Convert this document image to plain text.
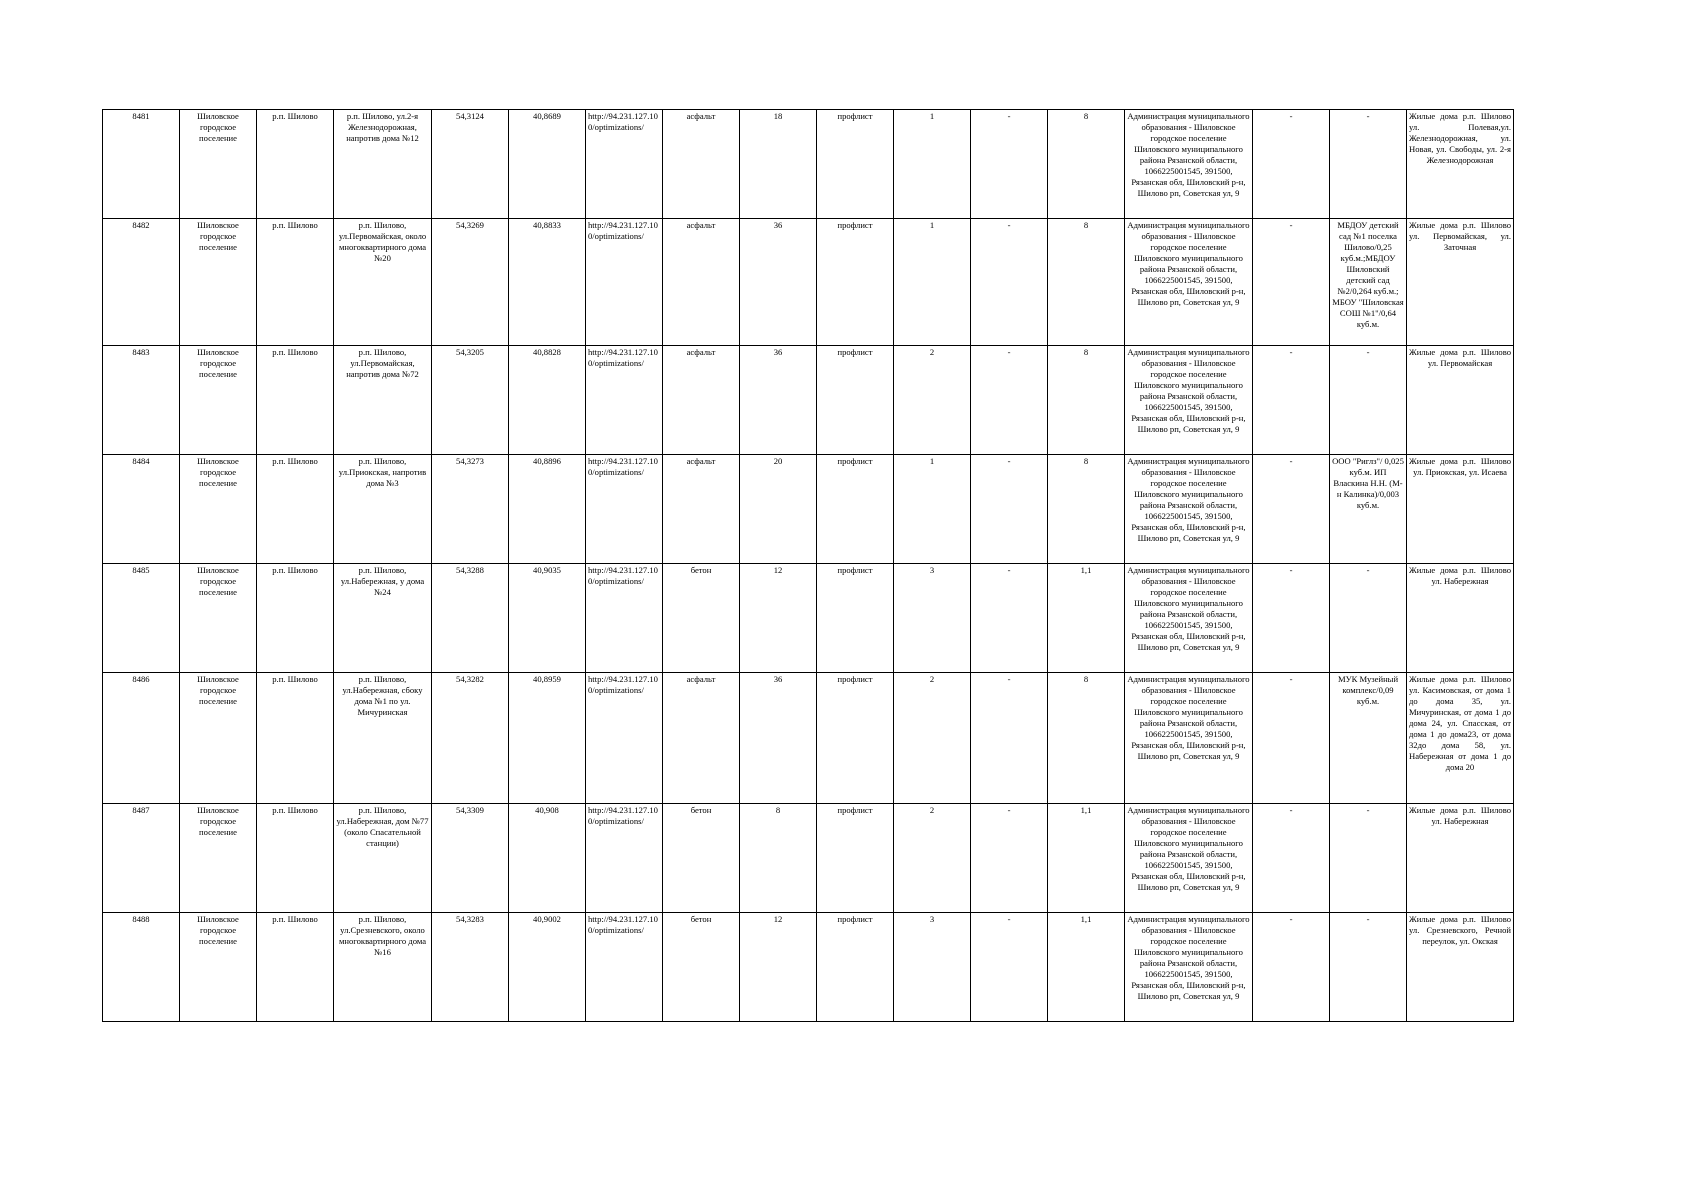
8481	Шиловское городское поселение	р.п. Шилово	р.п. Шилово, ул.2-я Железнодорожная, напротив дома №12	54,3124	40,8689	http://94.231.127.100/optimizations/	асфальт	18	профлист	1	-	8	Администрация муниципального образования - Шиловское городское поселение Шиловского муниципального района Рязанской области, 1066225001545, 391500, Рязанская обл, Шиловский р-н, Шилово рп, Советская ул, 9	-	-	Жилые дома р.п. Шилово ул. Полевая,ул. Железнодорожная, ул. Новая, ул. Свободы, ул. 2-я Железнодорожная
8482	Шиловское городское поселение	р.п. Шилово	р.п. Шилово, ул.Первомайская, около многоквартирного дома №20	54,3269	40,8833	http://94.231.127.100/optimizations/	асфальт	36	профлист	1	-	8	Администрация муниципального образования - Шиловское городское поселение Шиловского муниципального района Рязанской области, 1066225001545, 391500, Рязанская обл, Шиловский р-н, Шилово рп, Советская ул, 9	-	МБДОУ детский сад №1 поселка Шилово/0,25 куб.м.;МБДОУ Шиловский детский сад №2/0,264 куб.м.; МБОУ "Шиловская СОШ №1"/0,64 куб.м.	Жилые дома р.п. Шилово ул. Первомайская, ул. Заточная
8483	Шиловское городское поселение	р.п. Шилово	р.п. Шилово, ул.Первомайская, напротив дома №72	54,3205	40,8828	http://94.231.127.100/optimizations/	асфальт	36	профлист	2	-	8	Администрация муниципального образования - Шиловское городское поселение Шиловского муниципального района Рязанской области, 1066225001545, 391500, Рязанская обл, Шиловский р-н, Шилово рп, Советская ул, 9	-	-	Жилые дома р.п. Шилово ул. Первомайская
8484	Шиловское городское поселение	р.п. Шилово	р.п. Шилово, ул.Приокская, напротив дома №3	54,3273	40,8896	http://94.231.127.100/optimizations/	асфальт	20	профлист	1	-	8	Администрация муниципального образования - Шиловское городское поселение Шиловского муниципального района Рязанской области, 1066225001545, 391500, Рязанская обл, Шиловский р-н, Шилово рп, Советская ул, 9	-	ООО "Риглз"/ 0,025 куб.м. ИП Власкина Н.Н. (М-н Калинка)/0,003 куб.м.	Жилые дома р.п. Шилово ул. Приокская, ул. Исаева
8485	Шиловское городское поселение	р.п. Шилово	р.п. Шилово, ул.Набережная, у дома №24	54,3288	40,9035	http://94.231.127.100/optimizations/	бетон	12	профлист	3	-	1,1	Администрация муниципального образования - Шиловское городское поселение Шиловского муниципального района Рязанской области, 1066225001545, 391500, Рязанская обл, Шиловский р-н, Шилово рп, Советская ул, 9	-	-	Жилые дома р.п. Шилово ул. Набережная
8486	Шиловское городское поселение	р.п. Шилово	р.п. Шилово, ул.Набережная, сбоку дома №1 по ул. Мичуринская	54,3282	40,8959	http://94.231.127.100/optimizations/	асфальт	36	профлист	2	-	8	Администрация муниципального образования - Шиловское городское поселение Шиловского муниципального района Рязанской области, 1066225001545, 391500, Рязанская обл, Шиловский р-н, Шилово рп, Советская ул, 9	-	МУК Музейный комплекс/0,09 куб.м.	Жилые дома р.п. Шилово ул. Касимовская, от дома 1 до дома 35, ул. Мичуринская, от дома 1 до дома 24, ул. Спасская, от дома 1 до дома23, от дома 32до дома 58, ул. Набережная от дома 1 до дома 20
8487	Шиловское городское поселение	р.п. Шилово	р.п. Шилово, ул.Набережная, дом №77 (около Спасательной станции)	54,3309	40,908	http://94.231.127.100/optimizations/	бетон	8	профлист	2	-	1,1	Администрация муниципального образования - Шиловское городское поселение Шиловского муниципального района Рязанской области, 1066225001545, 391500, Рязанская обл, Шиловский р-н, Шилово рп, Советская ул, 9	-	-	Жилые дома р.п. Шилово ул. Набережная
8488	Шиловское городское поселение	р.п. Шилово	р.п. Шилово, ул.Срезневского, около многоквартирного дома №16	54,3283	40,9002	http://94.231.127.100/optimizations/	бетон	12	профлист	3	-	1,1	Администрация муниципального образования - Шиловское городское поселение Шиловского муниципального района Рязанской области, 1066225001545, 391500, Рязанская обл, Шиловский р-н, Шилово рп, Советская ул, 9	-	-	Жилые дома р.п. Шилово ул. Срезневского, Речной переулок, ул. Окская
